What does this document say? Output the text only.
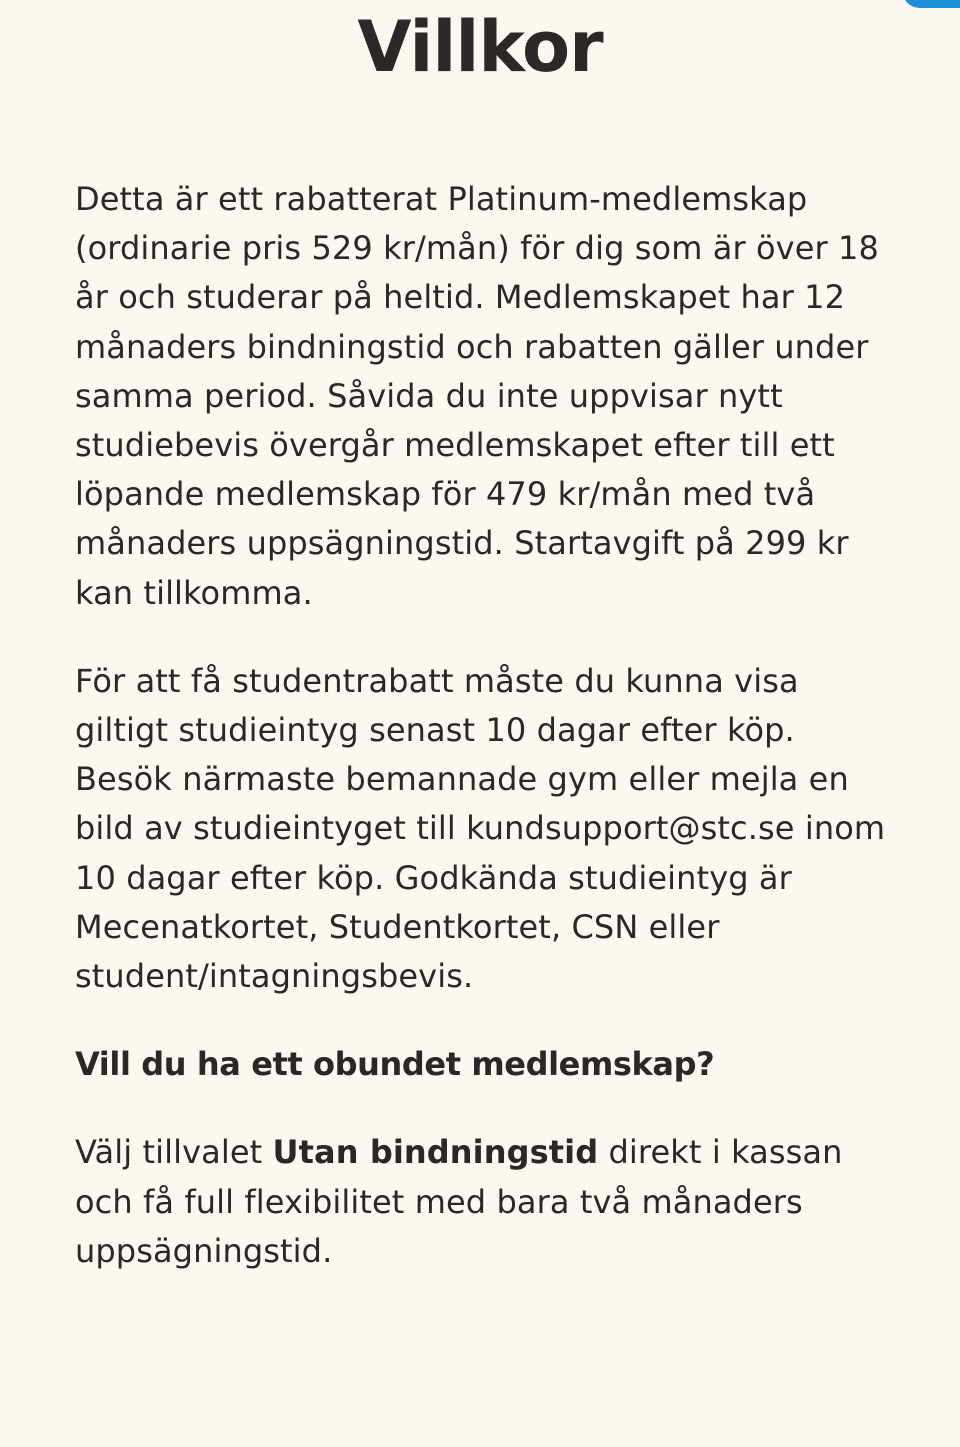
Villkor

Detta är ett rabatterat Platinum-medlemskap (ordinarie pris 529 kr/mån) för dig som är över 18 år och studerar på heltid. Medlemskapet har 12 månaders bindningstid och rabatten gäller under samma period. Såvida du inte uppvisar nytt studiebevis övergår medlemskapet efter till ett löpande medlemskap för 479 kr/mån med två månaders uppsägningstid. Startavgift på 299 kr kan tillkomma.

För att få studentrabatt måste du kunna visa giltigt studieintyg senast 10 dagar efter köp. Besök närmaste bemannade gym eller mejla en bild av studieintyget till kundsupport@stc.se inom 10 dagar efter köp. Godkända studieintyg är Mecenatkortet, Studentkortet, CSN eller student/intagningsbevis.

Vill du ha ett obundet medlemskap?

Välj tillvalet Utan bindningstid direkt i kassan och få full flexibilitet med bara två månaders uppsägningstid.
